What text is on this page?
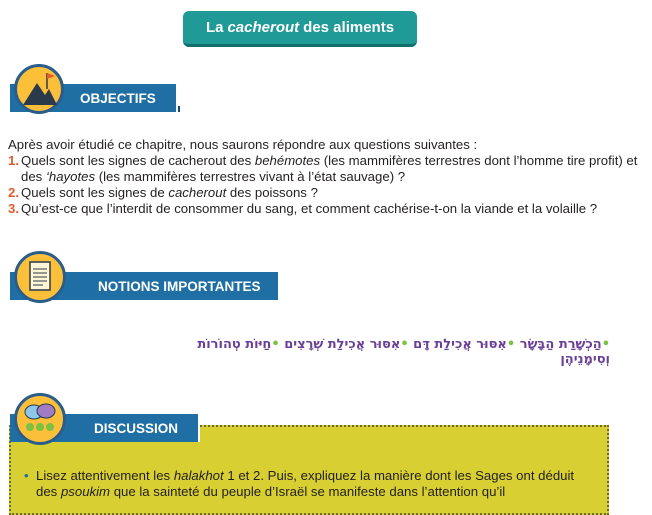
La cacherout des aliments
OBJECTIFS
Après avoir étudié ce chapitre, nous saurons répondre aux questions suivantes :
1. Quels sont les signes de cacherout des behémotes (les mammifères terrestres dont l’homme tire profit) et des ‘hayotes (les mammifères terrestres vivant à l’état sauvage) ?
2. Quels sont les signes de cacherout des poissons ?
3. Qu’est-ce que l’interdit de consommer du sang, et comment cachérise-t-on la viande et la volaille ?
NOTIONS IMPORTANTES
•הַכְשָׁרַת הַבָּשָׂר •אִסּוּר אֲכִילַת דָּם •אִסּוּר אֲכִילַת שְׁרָצִים •חַיּוֹת טְהוֹרוֹת וְסִימָנֵיהֶן
DISCUSSION
• Lisez attentivement les halakhot 1 et 2. Puis, expliquez la manière dont les Sages ont déduit des psoukim que la sainteté du peuple d’Israël se manifeste dans l’attention qu’il
